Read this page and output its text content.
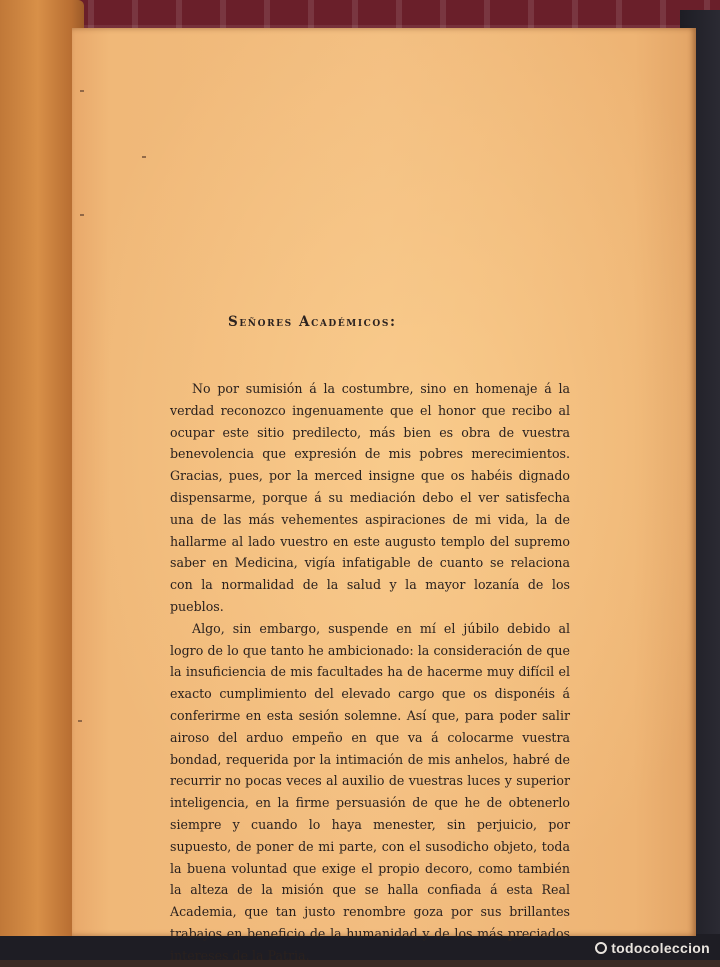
Señores Académicos:

No por sumisión á la costumbre, sino en homenaje á la verdad reconozco ingenuamente que el honor que recibo al ocupar este sitio predilecto, más bien es obra de vuestra benevolencia que expresión de mis pobres merecimientos. Gracias, pues, por la merced insigne que os habéis dignado dispensarme, porque á su mediación debo el ver satisfecha una de las más vehementes aspiraciones de mi vida, la de hallarme al lado vuestro en este augusto templo del supremo saber en Medicina, vigía infatigable de cuanto se relaciona con la normalidad de la salud y la mayor lozanía de los pueblos.

Algo, sin embargo, suspende en mí el júbilo debido al logro de lo que tanto he ambicionado: la consideración de que la insuficiencia de mis facultades ha de hacerme muy difícil el exacto cumplimiento del elevado cargo que os disponéis á conferirme en esta sesión solemne. Así que, para poder salir airoso del arduo empeño en que va á colocarme vuestra bondad, requerida por la intimación de mis anhelos, habré de recurrir no pocas veces al auxilio de vuestras luces y superior inteligencia, en la firme persuasión de que he de obtenerlo siempre y cuando lo haya menester, sin perjuicio, por supuesto, de poner de mi parte, con el susodicho objeto, toda la buena voluntad que exige el propio decoro, como también la alteza de la misión que se halla confiada á esta Real Academia, que tan justo renombre goza por sus brillantes trabajos en beneficio de la humanidad y de los más preciados intereses de la Patria.	todocoleccion
